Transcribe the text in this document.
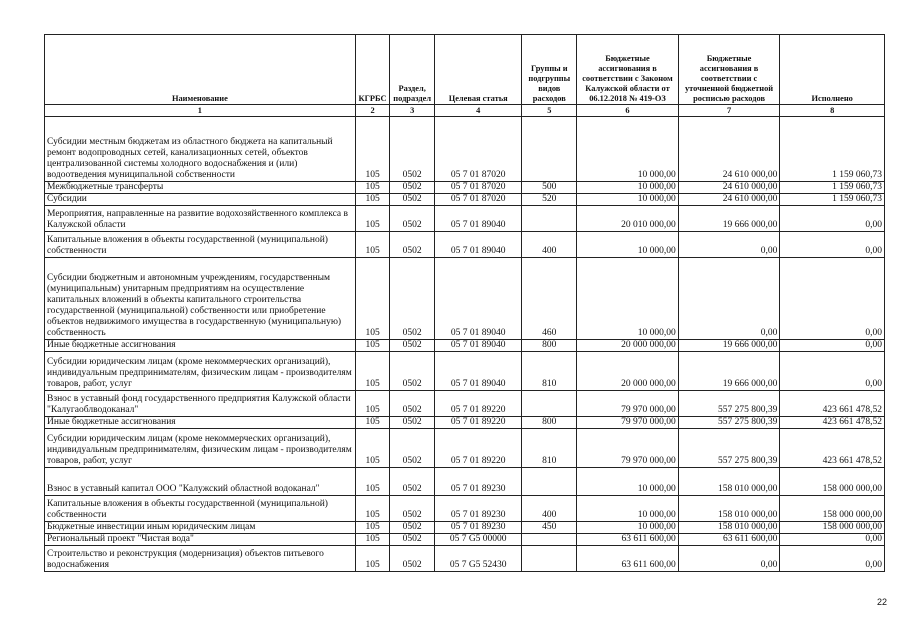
Наименование	КГРБС	Раздел, подраздел	Целевая статья	Группы и подгруппы видов расходов	Бюджетные ассигнования в соответствии с Законом Калужской области от 06.12.2018 № 419-ОЗ	Бюджетные ассигнования в соответствии с уточненной бюджетной росписью расходов	Исполнено
1	2	3	4	5	6	7	8
Субсидии местным бюджетам из областного бюджета на капитальный ремонт водопроводных сетей, канализационных сетей, объектов централизованной системы холодного водоснабжения и (или) водоотведения муниципальной собственности	105	0502	05 7 01 87020		10 000,00	24 610 000,00	1 159 060,73
Межбюджетные трансферты	105	0502	05 7 01 87020	500	10 000,00	24 610 000,00	1 159 060,73
Субсидии	105	0502	05 7 01 87020	520	10 000,00	24 610 000,00	1 159 060,73
Мероприятия, направленные на развитие водохозяйственного комплекса в Калужской области	105	0502	05 7 01 89040		20 010 000,00	19 666 000,00	0,00
Капитальные вложения в объекты государственной (муниципальной) собственности	105	0502	05 7 01 89040	400	10 000,00	0,00	0,00
Субсидии бюджетным и автономным учреждениям, государственным (муниципальным) унитарным предприятиям на осуществление капитальных вложений в объекты капитального строительства государственной (муниципальной) собственности или приобретение объектов недвижимого имущества в государственную (муниципальную) собственность	105	0502	05 7 01 89040	460	10 000,00	0,00	0,00
Иные бюджетные ассигнования	105	0502	05 7 01 89040	800	20 000 000,00	19 666 000,00	0,00
Субсидии юридическим лицам (кроме некоммерческих организаций), индивидуальным предпринимателям, физическим лицам - производителям товаров, работ, услуг	105	0502	05 7 01 89040	810	20 000 000,00	19 666 000,00	0,00
Взнос в уставный фонд государственного предприятия Калужской области "Калугаоблводоканал"	105	0502	05 7 01 89220		79 970 000,00	557 275 800,39	423 661 478,52
Иные бюджетные ассигнования	105	0502	05 7 01 89220	800	79 970 000,00	557 275 800,39	423 661 478,52
Субсидии юридическим лицам (кроме некоммерческих организаций), индивидуальным предпринимателям, физическим лицам - производителям товаров, работ, услуг	105	0502	05 7 01 89220	810	79 970 000,00	557 275 800,39	423 661 478,52
Взнос в уставный капитал ООО "Калужский областной водоканал"	105	0502	05 7 01 89230		10 000,00	158 010 000,00	158 000 000,00
Капитальные вложения в объекты государственной (муниципальной) собственности	105	0502	05 7 01 89230	400	10 000,00	158 010 000,00	158 000 000,00
Бюджетные инвестиции иным юридическим лицам	105	0502	05 7 01 89230	450	10 000,00	158 010 000,00	158 000 000,00
Региональный проект "Чистая вода"	105	0502	05 7 G5 00000		63 611 600,00	63 611 600,00	0,00
Строительство и реконструкция (модернизация) объектов питьевого водоснабжения	105	0502	05 7 G5 52430		63 611 600,00	0,00	0,00
22
